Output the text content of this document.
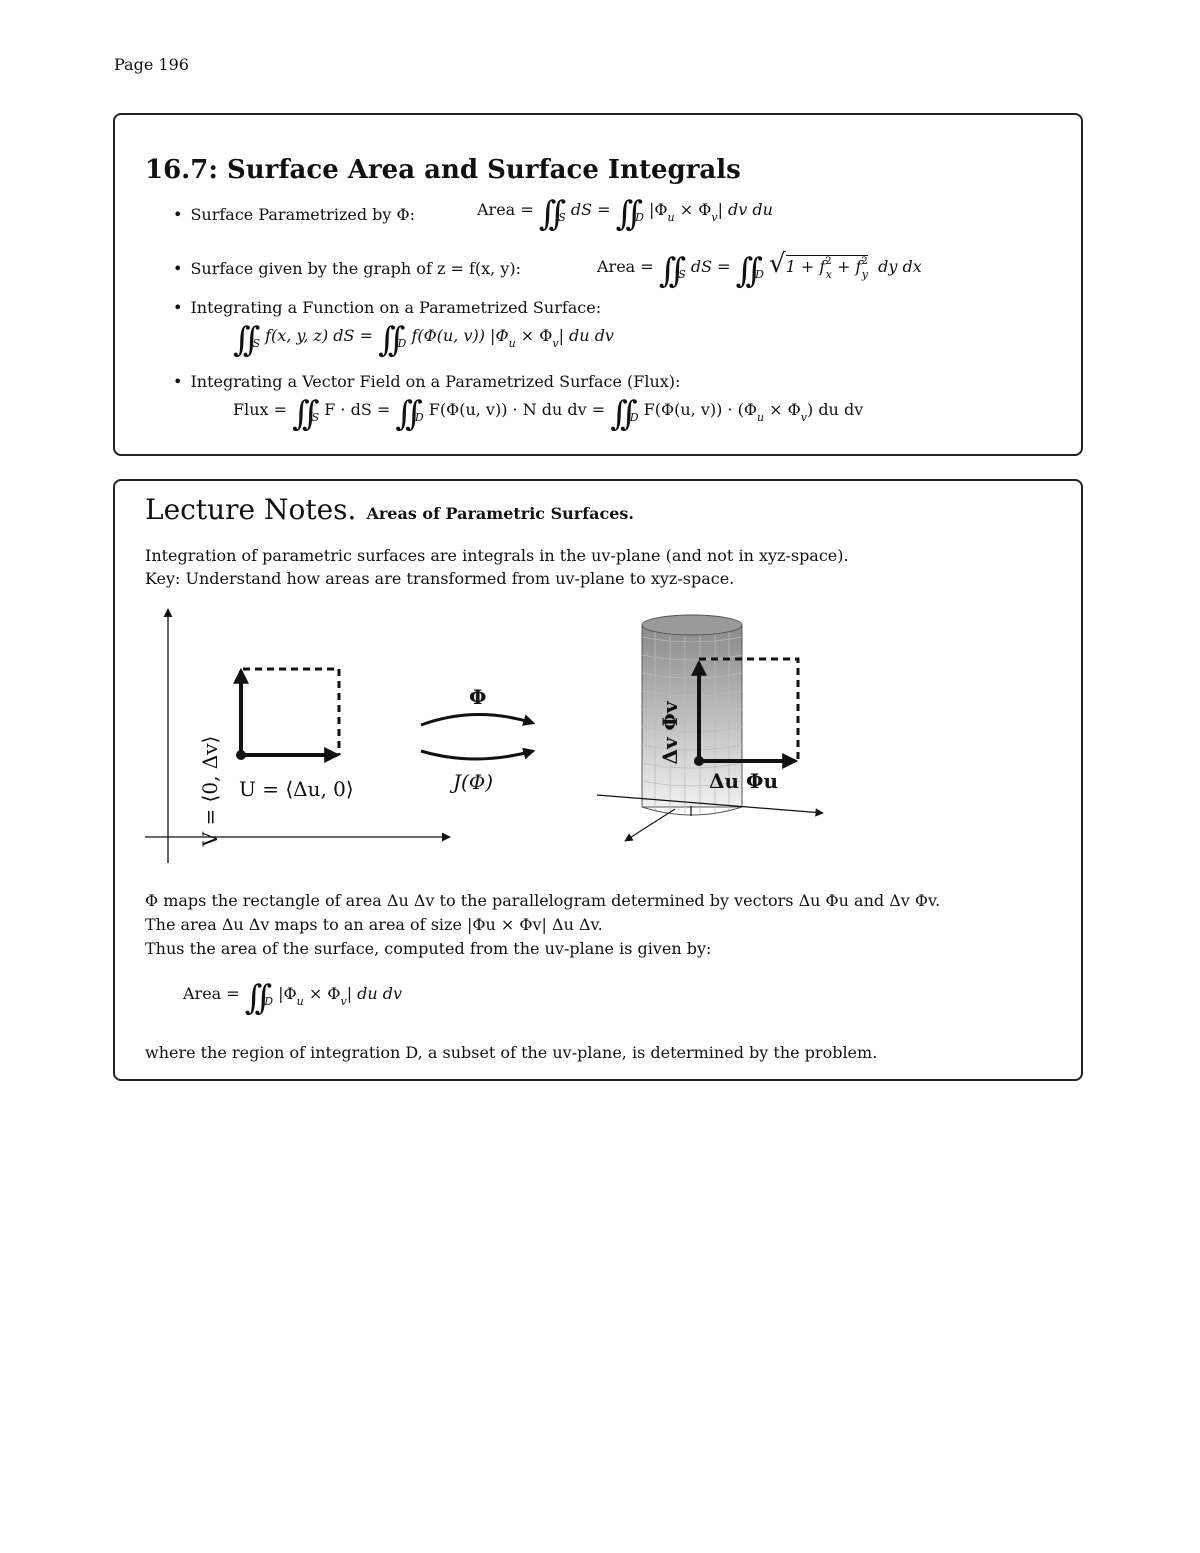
Page 196
16.7: Surface Area and Surface Integrals
• Surface Parametrized by Φ:	Area = $\int\int_S$ dS = $\int\int_D$ $|\Phi_u \times \Phi_v|$ dv du
• Surface given by the graph of z = f(x, y):	Area = $\int\int_S$ dS = $\int\int_D$ $√1 + f^2_x + f^2_y$ dy dx
• Integrating a Function on a Parametrized Surface:
$\int\int_S$ f(x, y, z) dS = $\int\int_D$ f(Φ(u, v)) $|\Phi_u \times \Phi_v|$ du dv
• Integrating a Vector Field on a Parametrized Surface (Flux):
Flux = $\int\int_S$ F · dS = $\int\int_D$ F(Φ(u, v)) · N du dv = $\int\int_D$ F(Φ(u, $v)) \cdot (\Phi_u \times \Phi_v)$ du dv
Lecture Notes. Areas of Parametric Surfaces.
Integration of parametric surfaces are integrals in the uv-plane (and not in xyz-space).
Key: Understand how areas are transformed from uv-plane to xyz-space.
V = ⟨0, Δv⟩ U = ⟨Δu, 0⟩
Φ
J(Φ)
Δv Φv
Δu Φu
Φ maps the rectangle of area Δu Δv to the parallelogram determined by vectors Δu Φu and Δv Φv.
The area Δu Δv maps to an area of size |Φu × Φv| Δu Δv.
Thus the area of the surface, computed from the uv-plane is given by:
Area = $\int\int_D$ $|\Phi_u \times \Phi_v|$ du dv
where the region of integration D, a subset of the uv-plane, is determined by the problem.
